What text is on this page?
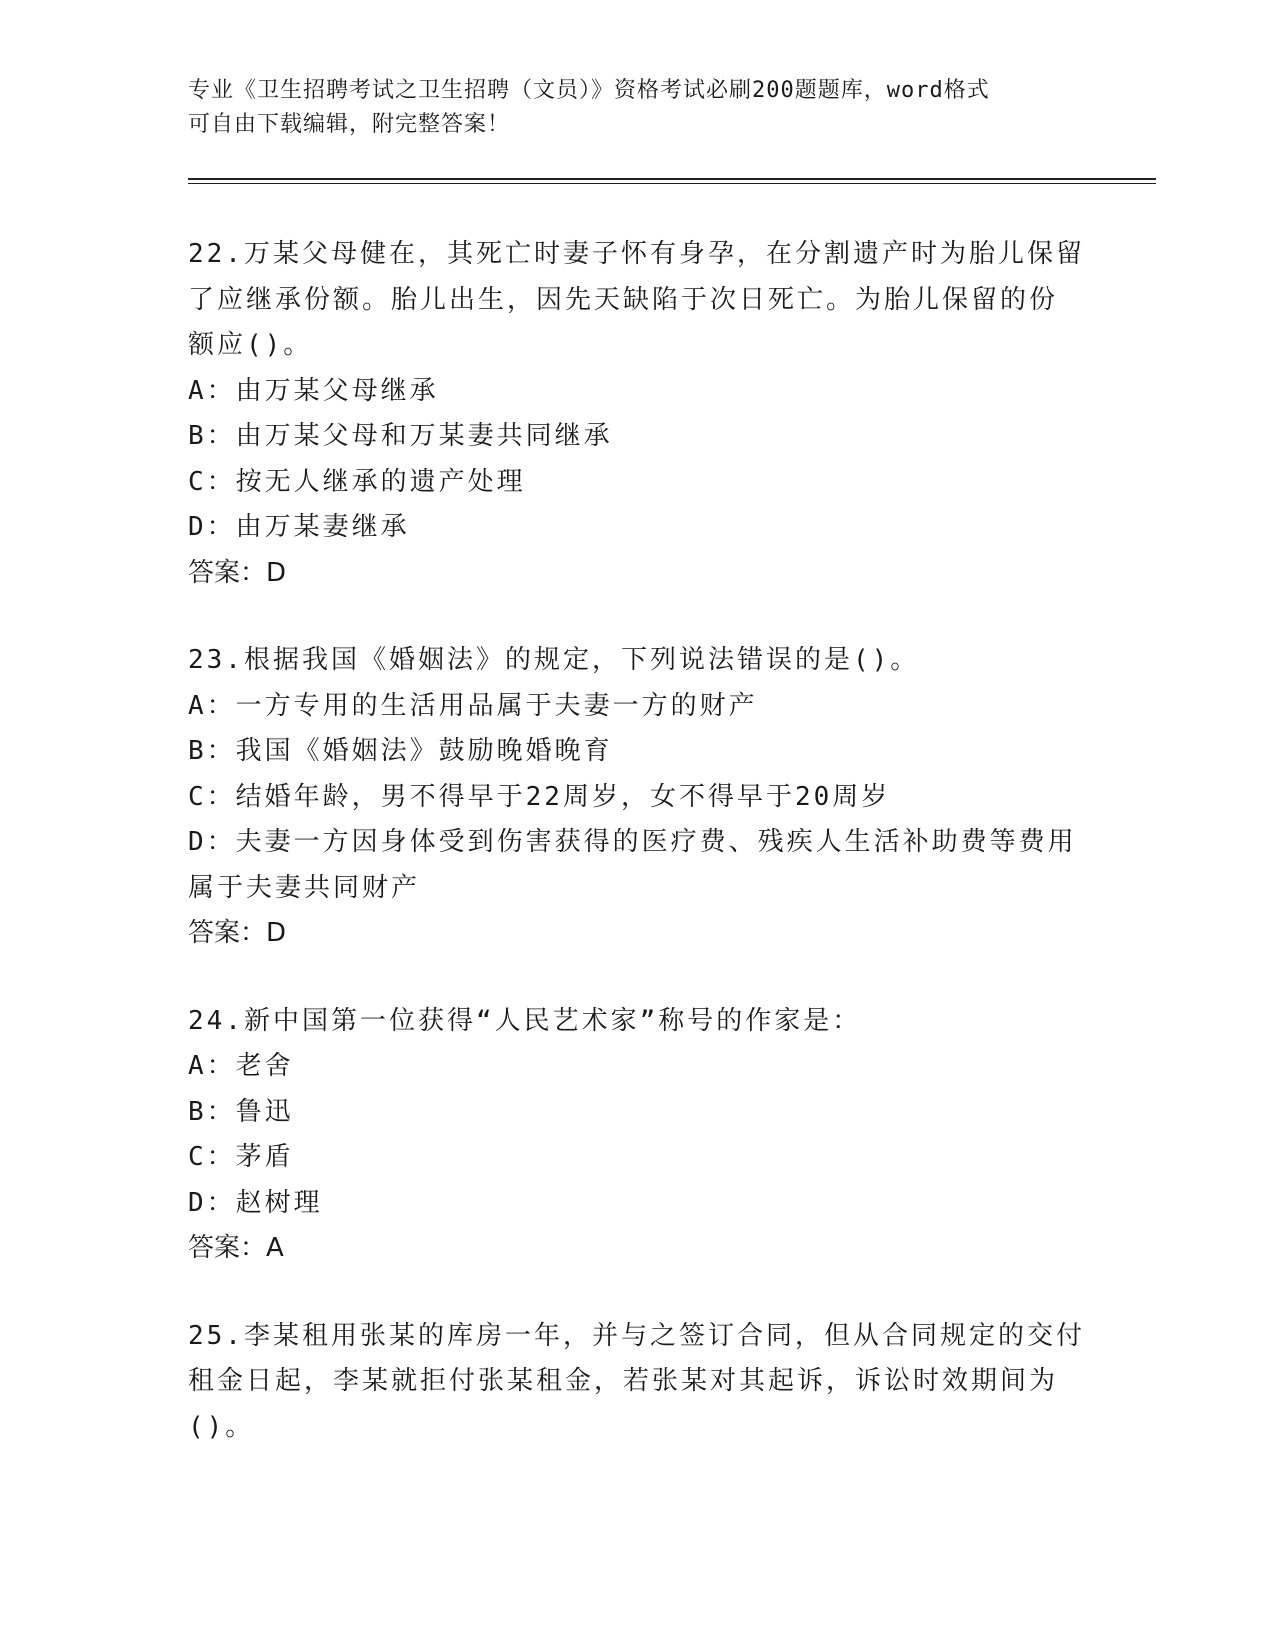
专业《卫生招聘考试之卫生招聘（文员）》资格考试必刷200题题库，word格式
可自由下载编辑，附完整答案！
22.万某父母健在，其死亡时妻子怀有身孕，在分割遗产时为胎儿保留
了应继承份额。胎儿出生，因先天缺陷于次日死亡。为胎儿保留的份
额应()。
A：由万某父母继承
B：由万某父母和万某妻共同继承
C：按无人继承的遗产处理
D：由万某妻继承
答案：D
23.根据我国《婚姻法》的规定，下列说法错误的是()。
A：一方专用的生活用品属于夫妻一方的财产
B：我国《婚姻法》鼓励晚婚晚育
C：结婚年龄，男不得早于22周岁，女不得早于20周岁
D：夫妻一方因身体受到伤害获得的医疗费、残疾人生活补助费等费用
属于夫妻共同财产
答案：D
24.新中国第一位获得“人民艺术家”称号的作家是：
A：老舍
B：鲁迅
C：茅盾
D：赵树理
答案：A
25.李某租用张某的库房一年，并与之签订合同，但从合同规定的交付
租金日起，李某就拒付张某租金，若张某对其起诉，诉讼时效期间为
()。
